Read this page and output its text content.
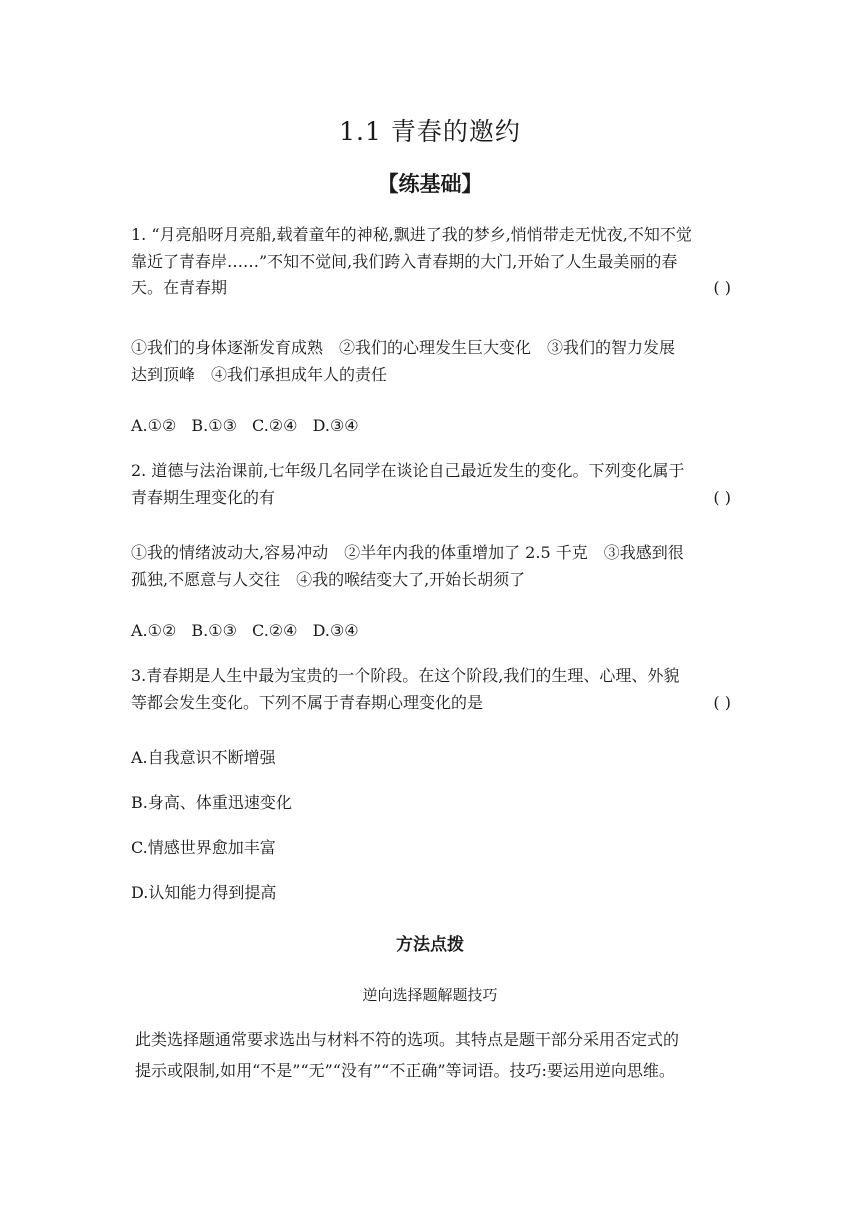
1.1 青春的邀约
【练基础】
1. “月亮船呀月亮船,载着童年的神秘,飘进了我的梦乡,悄悄带走无忧夜,不知不觉
靠近了青春岸……”不知不觉间,我们跨入青春期的大门,开始了人生最美丽的春
天。在青春期	( )
①我们的身体逐渐发育成熟　②我们的心理发生巨大变化　③我们的智力发展
达到顶峰　④我们承担成年人的责任
A.①② B.①③ C.②④ D.③④
2. 道德与法治课前,七年级几名同学在谈论自己最近发生的变化。下列变化属于
青春期生理变化的有	( )
①我的情绪波动大,容易冲动　②半年内我的体重增加了 2.5 千克　③我感到很
孤独,不愿意与人交往　④我的喉结变大了,开始长胡须了
A.①② B.①③ C.②④ D.③④
3.青春期是人生中最为宝贵的一个阶段。在这个阶段,我们的生理、心理、外貌
等都会发生变化。下列不属于青春期心理变化的是	( )
A.自我意识不断增强
B.身高、体重迅速变化
C.情感世界愈加丰富
D.认知能力得到提高
方法点拨
逆向选择题解题技巧
此类选择题通常要求选出与材料不符的选项。其特点是题干部分采用否定式的
提示或限制,如用“不是”“无”“没有”“不正确”等词语。技巧:要运用逆向思维。
